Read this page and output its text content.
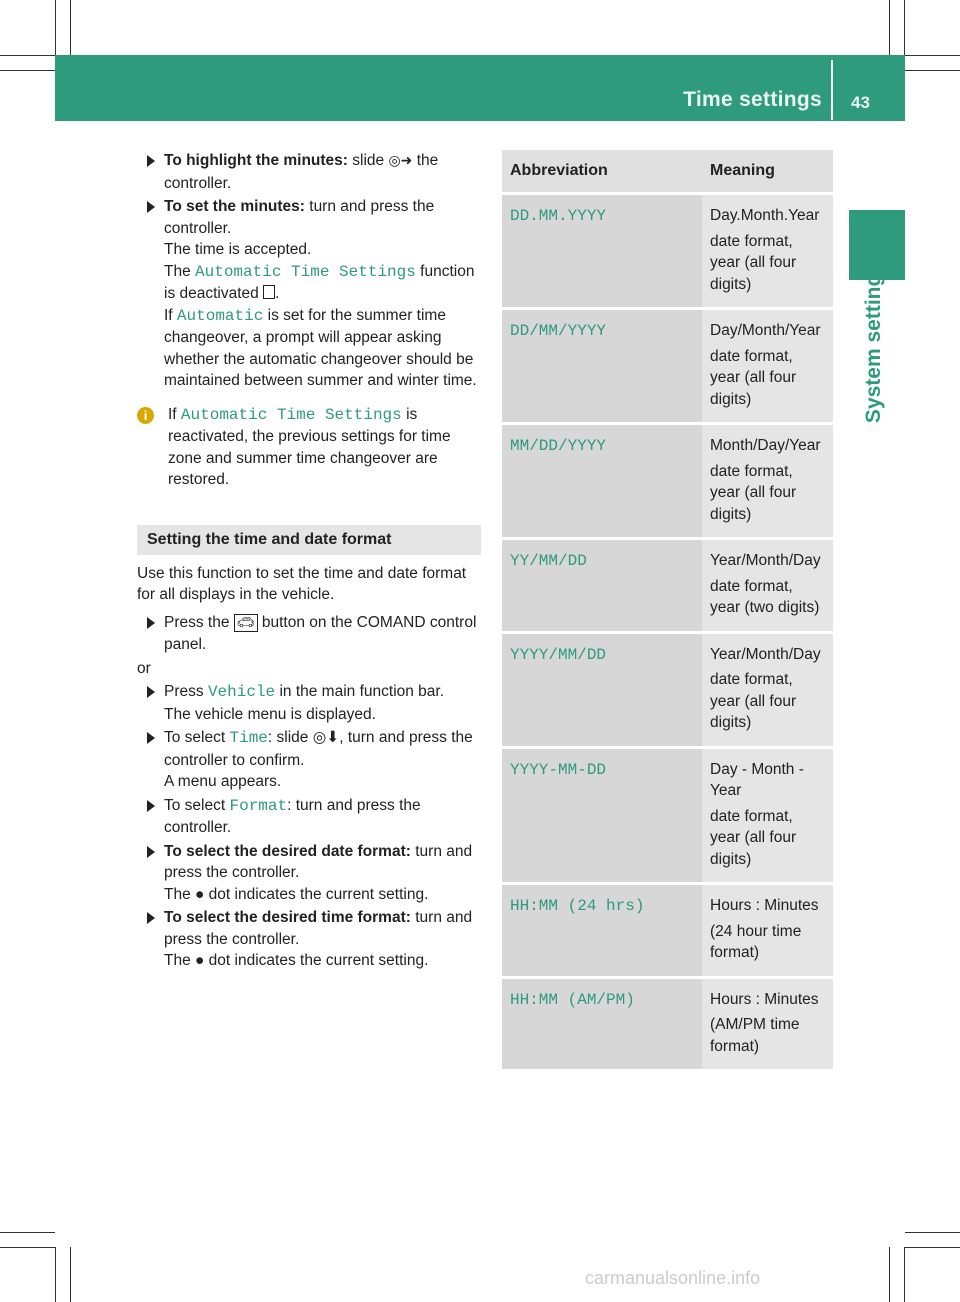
Time settings 43
System settings
To highlight the minutes: slide ◎➜ the controller.
To set the minutes: turn and press the controller.
The time is accepted.
The Automatic Time Settings function is deactivated .
If Automatic is set for the summer time changeover, a prompt will appear asking whether the automatic changeover should be maintained between summer and winter time.
i	If Automatic Time Settings is reactivated, the previous settings for time zone and summer time changeover are restored.
Setting the time and date format
Use this function to set the time and date format for all displays in the vehicle.
Press the 🚗︎ button on the COMAND control panel.
or
Press Vehicle in the main function bar.
The vehicle menu is displayed.
To select Time: slide ◎⬇, turn and press the controller to confirm.
A menu appears.
To select Format: turn and press the controller.
To select the desired date format: turn and press the controller.
The ● dot indicates the current setting.
To select the desired time format: turn and press the controller.
The ● dot indicates the current setting.
Abbreviation	Meaning
DD.MM.YYYY	Day.Month.Year
date format, year (all four digits)

DD/MM/YYYY	Day/Month/Year
date format, year (all four digits)

MM/DD/YYYY	Month/Day/Year
date format, year (all four digits)

YY/MM/DD	Year/Month/Day
date format, year (two digits)

YYYY/MM/DD	Year/Month/Day
date format, year (all four digits)

YYYY-MM-DD	Day - Month - Year
date format, year (all four digits)

HH:MM (24 hrs)	Hours : Minutes
(24 hour time format)

HH:MM (AM/PM)	Hours : Minutes
(AM/PM time format)
carmanualsonline.info
